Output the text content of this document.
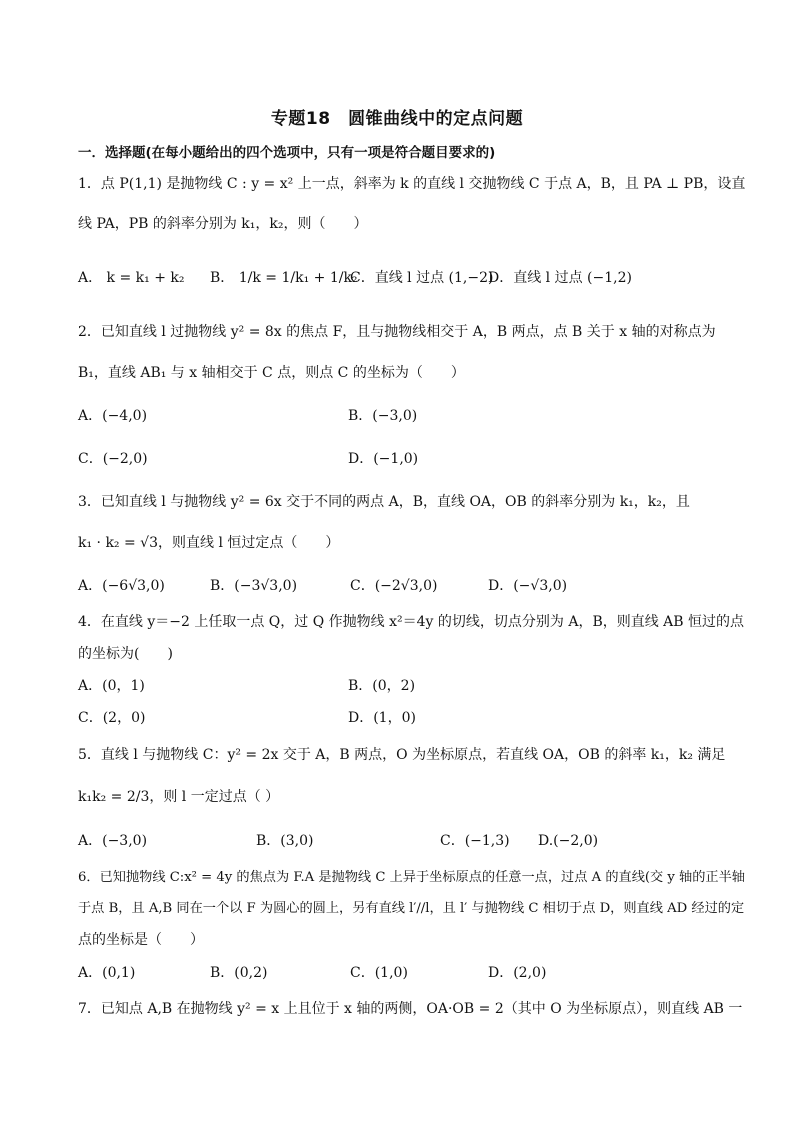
专题18　圆锥曲线中的定点问题
一．选择题(在每小题给出的四个选项中，只有一项是符合题目要求的)
1．点 P(1,1) 是抛物线 C : y = x² 上一点，斜率为 k 的直线 l 交抛物线 C 于点 A，B，且 PA ⊥ PB，设直
线 PA，PB 的斜率分别为 k₁，k₂，则（　　）
A． k = k₁ + k₂ B． 1/k = 1/k₁ + 1/k₂
C．直线 l 过点 (1,−2)
D．直线 l 过点 (−1,2)
2．已知直线 l 过抛物线 y² = 8x 的焦点 F，且与抛物线相交于 A，B 两点，点 B 关于 x 轴的对称点为
B₁，直线 AB₁ 与 x 轴相交于 C 点，则点 C 的坐标为（　　）
A．(−4,0)	B．(−3,0)
C．(−2,0)	D．(−1,0)
3．已知直线 l 与抛物线 y² = 6x 交于不同的两点 A，B，直线 OA，OB 的斜率分别为 k₁，k₂，且
k₁ · k₂ = √3，则直线 l 恒过定点（　　）
A．(−6√3,0)	B．(−3√3,0)	C．(−2√3,0)	D．(−√3,0)
4．在直线 y＝−2 上任取一点 Q，过 Q 作抛物线 x²＝4y 的切线，切点分别为 A，B，则直线 AB 恒过的点
的坐标为(　　)
A．(0，1)	B．(0，2)
C．(2，0)	D．(1，0)
5．直线 l 与抛物线 C：y² = 2x 交于 A，B 两点，O 为坐标原点，若直线 OA，OB 的斜率 k₁，k₂ 满足
k₁k₂ = 2/3，则 l 一定过点（ ）
A．(−3,0)	B．(3,0)	C．(−1,3) D.(−2,0)
6．已知抛物线 C:x² = 4y 的焦点为 F.A 是抛物线 C 上异于坐标原点的任意一点，过点 A 的直线(交 y 轴的正半轴
于点 B，且 A,B 同在一个以 F 为圆心的圆上，另有直线 l′//l，且 l′ 与抛物线 C 相切于点 D，则直线 AD 经过的定
点的坐标是（　　）
A．(0,1)	B．(0,2)	C．(1,0)	D．(2,0)
7．已知点 A,B 在抛物线 y² = x 上且位于 x 轴的两侧，OA·OB = 2（其中 O 为坐标原点），则直线 AB 一
